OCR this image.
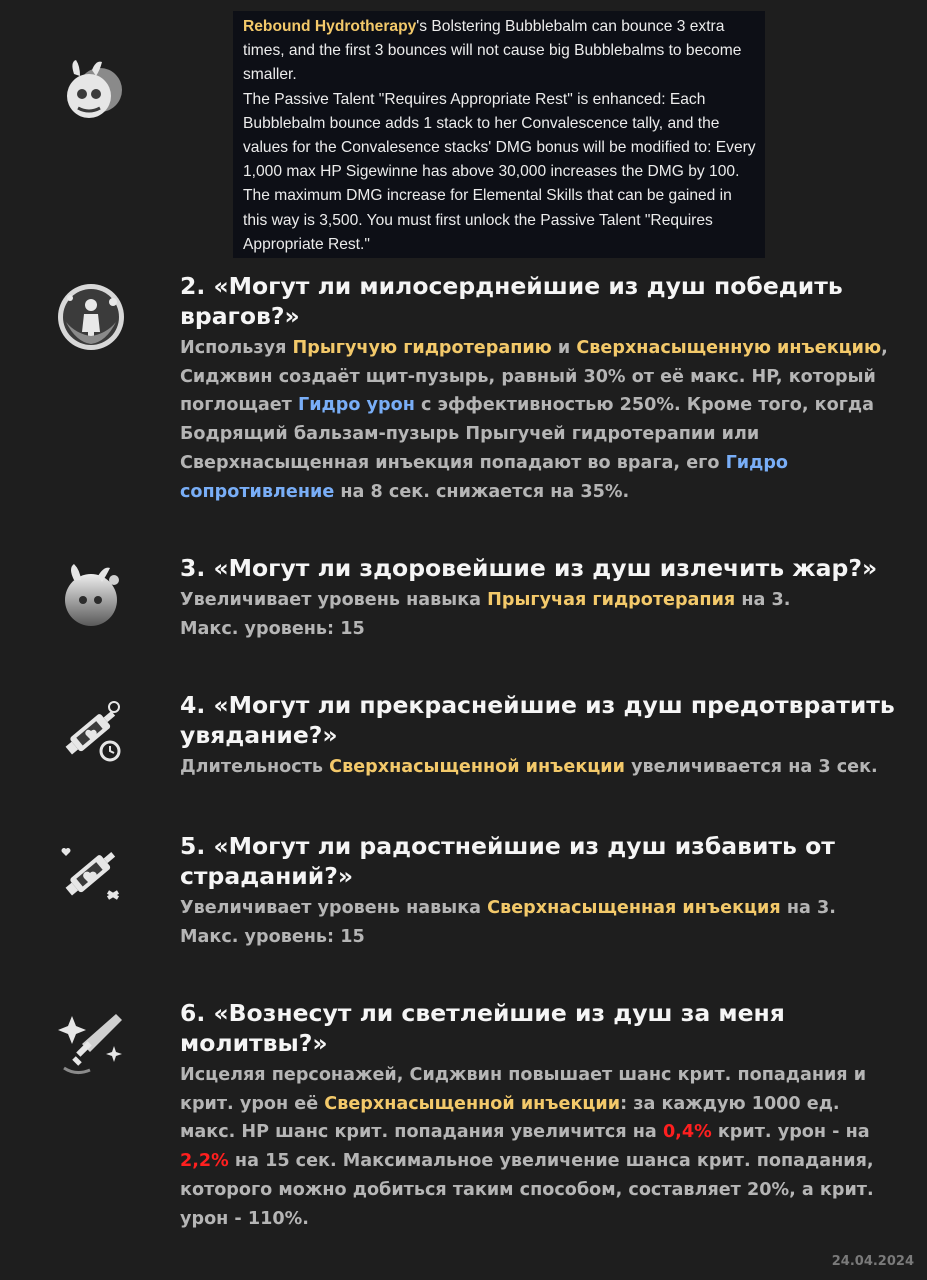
Rebound Hydrotherapy's Bolstering Bubblebalm can bounce 3 extra times, and the first 3 bounces will not cause big Bubblebalms to become smaller.

The Passive Talent "Requires Appropriate Rest" is enhanced: Each Bubblebalm bounce adds 1 stack to her Convalescence tally, and the values for the Convalesence stacks' DMG bonus will be modified to: Every 1,000 max HP Sigewinne has above 30,000 increases the DMG by 100. The maximum DMG increase for Elemental Skills that can be gained in this way is 3,500. You must first unlock the Passive Talent "Requires Appropriate Rest."

2. «Могут ли милосерднейшие из душ победить врагов?»
Используя Прыгучую гидротерапию и Сверхнасыщенную инъекцию, Сиджвин создаёт щит-пузырь, равный 30% от её макс. HP, который поглощает Гидро урон с эффективностью 250%. Кроме того, когда Бодрящий бальзам-пузырь Прыгучей гидротерапии или Сверхнасыщенная инъекция попадают во врага, его Гидро сопротивление на 8 сек. снижается на 35%.
3. «Могут ли здоровейшие из душ излечить жар?»
Увеличивает уровень навыка Прыгучая гидротерапия на 3.
Макс. уровень: 15
4. «Могут ли прекраснейшие из душ предотвратить увядание?»
Длительность Сверхнасыщенной инъекции увеличивается на 3 сек.
5. «Могут ли радостнейшие из душ избавить от страданий?»
Увеличивает уровень навыка Сверхнасыщенная инъекция на 3.
Макс. уровень: 15
6. «Вознесут ли светлейшие из душ за меня молитвы?»
Исцеляя персонажей, Сиджвин повышает шанс крит. попадания и крит. урон её Сверхнасыщенной инъекции: за каждую 1000 ед. макс. HP шанс крит. попадания увеличится на 0,4% крит. урон - на 2,2% на 15 сек. Максимальное увеличение шанса крит. попадания, которого можно добиться таким способом, составляет 20%, а крит. урон - 110%.
24.04.2024
